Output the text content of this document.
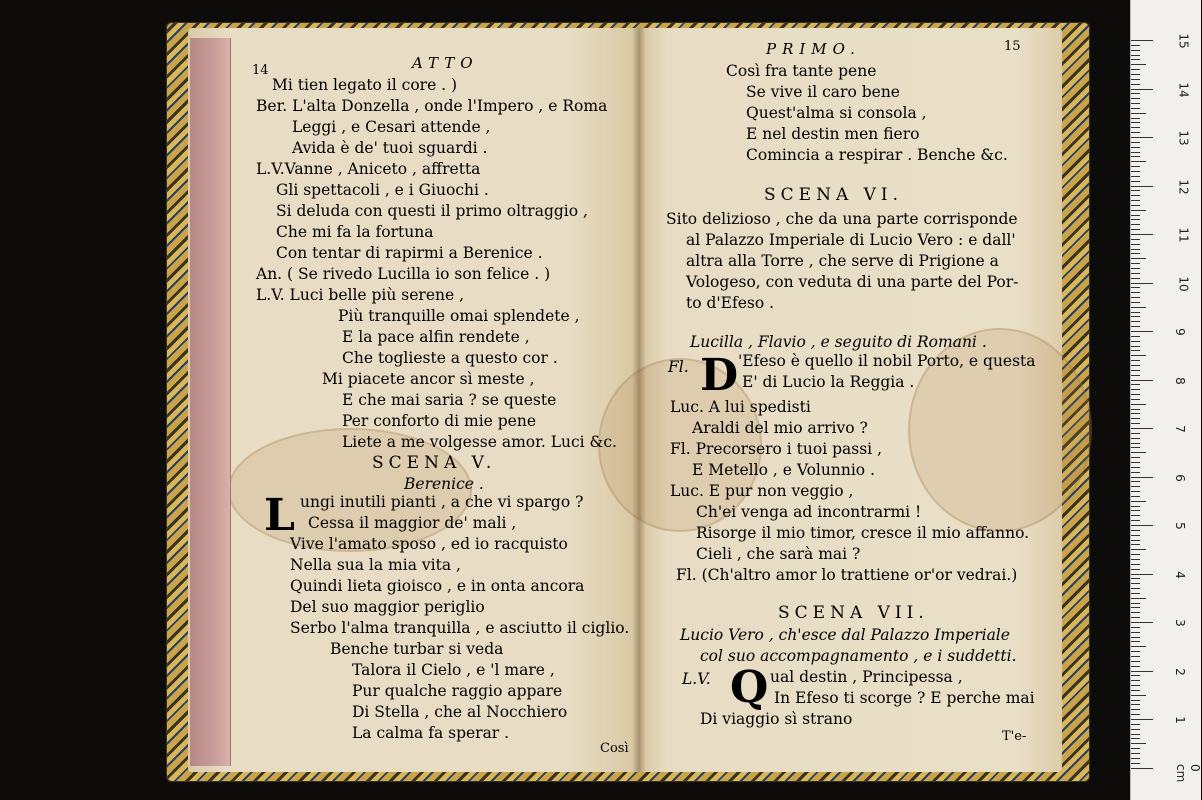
14	ATTO
Mi tien legato il core . )
Ber. L'alta Donzella , onde l'Impero , e Roma
Leggi , e Cesari attende ,
Avida è de' tuoi sguardi .
L.V.Vanne , Aniceto , affretta
Gli spettacoli , e i Giuochi .
Si deluda con questi il primo oltraggio ,
Che mi fa la fortuna
Con tentar di rapirmi a Berenice .
An. ( Se rivedo Lucilla io son felice . )
L.V. Luci belle più serene ,
Più tranquille omai splendete ,
E la pace alfin rendete ,
Che toglieste a questo cor .
Mi piacete ancor sì meste ,
E che mai saria ? se queste
Per conforto di mie pene
Liete a me volgesse amor. Luci &c.
SCENA V.
Berenice .
L ungi inutili pianti , a che vi spargo ?
Cessa il maggior de' mali ,
Vive l'amato sposo , ed io racquisto
Nella sua la mia vita ,
Quindi lieta gioisco , e in onta ancora
Del suo maggior periglio
Serbo l'alma tranquilla , e asciutto il ciglio.
Benche turbar si veda
Talora il Cielo , e 'l mare ,
Pur qualche raggio appare
Di Stella , che al Nocchiero
La calma fa sperar .
Così
PRIMO.	15
Così fra tante pene
Se vive il caro bene
Quest'alma si consola ,
E nel destin men fiero
Comincia a respirar . Benche &c.
SCENA VI.
Sito delizioso , che da una parte corrisponde
al Palazzo Imperiale di Lucio Vero : e dall'
altra alla Torre , che serve di Prigione a
Vologeso, con veduta di una parte del Por-
to d'Efeso .
Lucilla , Flavio , e seguito di Romani .
Fl. D 'Efeso è quello il nobil Porto, e questa
E' di Lucio la Reggia .
Luc. A lui spedisti
Araldi del mio arrivo ?
Fl. Precorsero i tuoi passi ,
E Metello , e Volunnio .
Luc. E pur non veggio ,
Ch'ei venga ad incontrarmi !
Risorge il mio timor, cresce il mio affanno.
Cieli , che sarà mai ?
Fl. (Ch'altro amor lo trattiene or'or vedrai.)
SCENA VII.
Lucio Vero , ch'esce dal Palazzo Imperiale
col suo accompagnamento , e i suddetti.
L.V. Q ual destin , Principessa ,
In Efeso ti scorge ? E perche mai
Di viaggio sì strano
T'e-
15
14
13
12
11
10
9
8
7
6
5
4
3
2
1
0 cm
